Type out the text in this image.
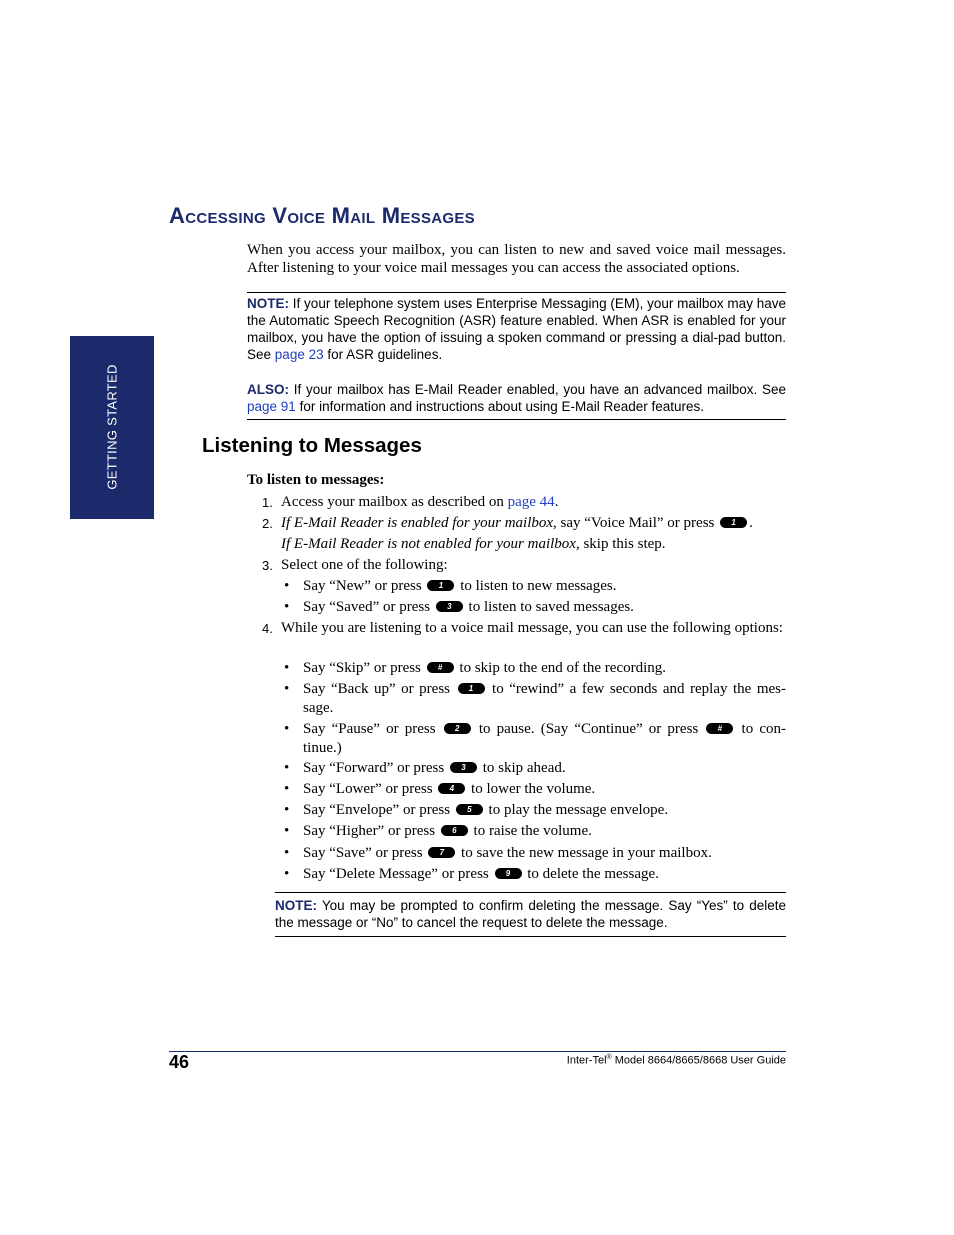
GETTING STARTED
Accessing Voice Mail Messages
When you access your mailbox, you can listen to new and saved voice mail messages. After listening to your voice mail messages you can access the associated options.
NOTE: If your telephone system uses Enterprise Messaging (EM), your mailbox may have the Automatic Speech Recognition (ASR) feature enabled. When ASR is enabled for your mailbox, you have the option of issuing a spoken command or pressing a dial-pad button. See page 23 for ASR guidelines.
ALSO: If your mailbox has E-Mail Reader enabled, you have an advanced mailbox. See page 91 for information and instructions about using E-Mail Reader features.
Listening to Messages
To listen to messages:
1. Access your mailbox as described on page 44.
2. If E-Mail Reader is enabled for your mailbox, say “Voice Mail” or press 1 .
If E-Mail Reader is not enabled for your mailbox, skip this step.
3. Select one of the following:
• Say “New” or press 1 to listen to new messages.
• Say “Saved” or press 3 to listen to saved messages.
4. While you are listening to a voice mail message, you can use the following options:
• Say “Skip” or press # to skip to the end of the recording.
• Say “Back up” or press 1 to “rewind” a few seconds and replay the mes-sage.
• Say “Pause” or press 2 to pause. (Say “Continue” or press # to con-tinue.)
• Say “Forward” or press 3 to skip ahead.
• Say “Lower” or press 4 to lower the volume.
• Say “Envelope” or press 5 to play the message envelope.
• Say “Higher” or press 6 to raise the volume.
• Say “Save” or press 7 to save the new message in your mailbox.
• Say “Delete Message” or press 9 to delete the message.
NOTE: You may be prompted to confirm deleting the message. Say “Yes” to delete the message or “No” to cancel the request to delete the message.
46	Inter-Tel® Model 8664/8665/8668 User Guide
